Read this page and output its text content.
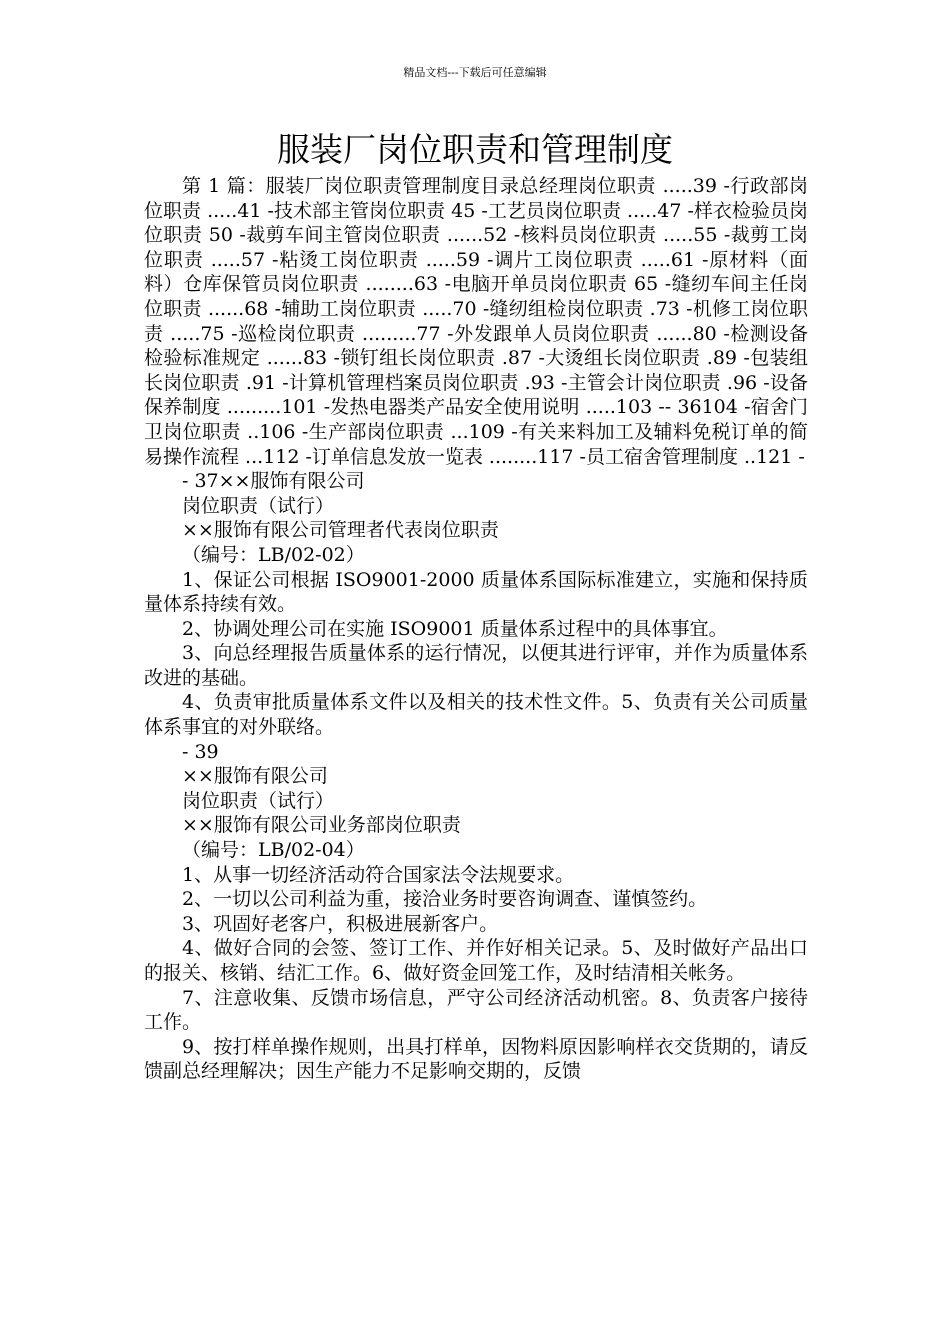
精品文档---下载后可任意编辑
服装厂岗位职责和管理制度

第 1 篇：服装厂岗位职责管理制度目录总经理岗位职责 .....39 -行政部岗位职责 .....41 -技术部主管岗位职责 45 -工艺员岗位职责 .....47 -样衣检验员岗位职责 50 -裁剪车间主管岗位职责 ......52 -核料员岗位职责 .....55 -裁剪工岗位职责 .....57 -粘烫工岗位职责 .....59 -调片工岗位职责 .....61 -原材料（面料）仓库保管员岗位职责 ........63 -电脑开单员岗位职责 65 -缝纫车间主任岗位职责 ......68 -辅助工岗位职责 .....70 -缝纫组检岗位职责 .73 -机修工岗位职责 .....75 -巡检岗位职责 .........77 -外发跟单人员岗位职责 ......80 -检测设备检验标准规定 ......83 -锁钉组长岗位职责 .87 -大烫组长岗位职责 .89 -包装组长岗位职责 .91 -计算机管理档案员岗位职责 .93 -主管会计岗位职责 .96 -设备保养制度 .........101 -发热电器类产品安全使用说明 .....103 -- 36104 -宿舍门卫岗位职责 ..106 -生产部岗位职责 ...109 -有关来料加工及辅料免税订单的简易操作流程 ...112 -订单信息发放一览表 ........117 -员工宿舍管理制度 ..121 -

- 37××服饰有限公司

岗位职责（试行）

××服饰有限公司管理者代表岗位职责

（编号：LB/02-02）

1、保证公司根据 ISO9001-2000 质量体系国际标准建立，实施和保持质量体系持续有效。

2、协调处理公司在实施 ISO9001 质量体系过程中的具体事宜。

3、向总经理报告质量体系的运行情况，以便其进行评审，并作为质量体系改进的基础。

4、负责审批质量体系文件以及相关的技术性文件。5、负责有关公司质量体系事宜的对外联络。

- 39

××服饰有限公司

岗位职责（试行）

××服饰有限公司业务部岗位职责

（编号：LB/02-04）

1、从事一切经济活动符合国家法令法规要求。

2、一切以公司利益为重，接洽业务时要咨询调查、谨慎签约。

3、巩固好老客户，积极进展新客户。

4、做好合同的会签、签订工作、并作好相关记录。5、及时做好产品出口的报关、核销、结汇工作。6、做好资金回笼工作，及时结清相关帐务。

7、注意收集、反馈市场信息，严守公司经济活动机密。8、负责客户接待工作。

9、按打样单操作规则，出具打样单，因物料原因影响样衣交货期的，请反馈副总经理解决；因生产能力不足影响交期的，反馈
